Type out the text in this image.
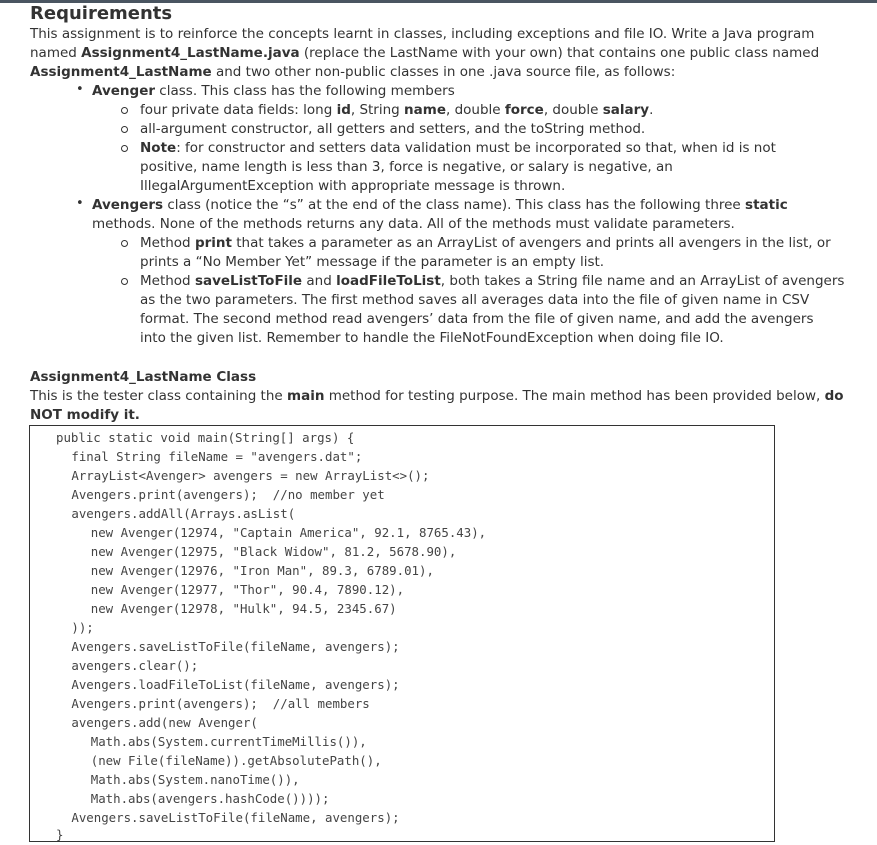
Requirements
This assignment is to reinforce the concepts learnt in classes, including exceptions and file IO. Write a Java program
named Assignment4_LastName.java (replace the LastName with your own) that contains one public class named
Assignment4_LastName and two other non-public classes in one .java source file, as follows:
• Avenger class. This class has the following members
four private data fields: long id, String name, double force, double salary.
all-argument constructor, all getters and setters, and the toString method.
Note: for constructor and setters data validation must be incorporated so that, when id is not
positive, name length is less than 3, force is negative, or salary is negative, an
IllegalArgumentException with appropriate message is thrown.
• Avengers class (notice the “s” at the end of the class name). This class has the following three static
methods. None of the methods returns any data. All of the methods must validate parameters.
Method print that takes a parameter as an ArrayList of avengers and prints all avengers in the list, or
prints a “No Member Yet” message if the parameter is an empty list.
Method saveListToFile and loadFileToList, both takes a String file name and an ArrayList of avengers
as the two parameters. The first method saves all averages data into the file of given name in CSV
format. The second method read avengers’ data from the file of given name, and add the avengers
into the given list. Remember to handle the FileNotFoundException when doing file IO.
Assignment4_LastName Class
This is the tester class containing the main method for testing purpose. The main method has been provided below, do
NOT modify it.
public static void main(String[] args) {
final String fileName = "avengers.dat";
ArrayList<Avenger> avengers = new ArrayList<>();
Avengers.print(avengers);  //no member yet
avengers.addAll(Arrays.asList(
new Avenger(12974, "Captain America", 92.1, 8765.43),
new Avenger(12975, "Black Widow", 81.2, 5678.90),
new Avenger(12976, "Iron Man", 89.3, 6789.01),
new Avenger(12977, "Thor", 90.4, 7890.12),
new Avenger(12978, "Hulk", 94.5, 2345.67)
));
Avengers.saveListToFile(fileName, avengers);
avengers.clear();
Avengers.loadFileToList(fileName, avengers);
Avengers.print(avengers);  //all members
avengers.add(new Avenger(
Math.abs(System.currentTimeMillis()),
(new File(fileName)).getAbsolutePath(),
Math.abs(System.nanoTime()),
Math.abs(avengers.hashCode())));
Avengers.saveListToFile(fileName, avengers);
}
